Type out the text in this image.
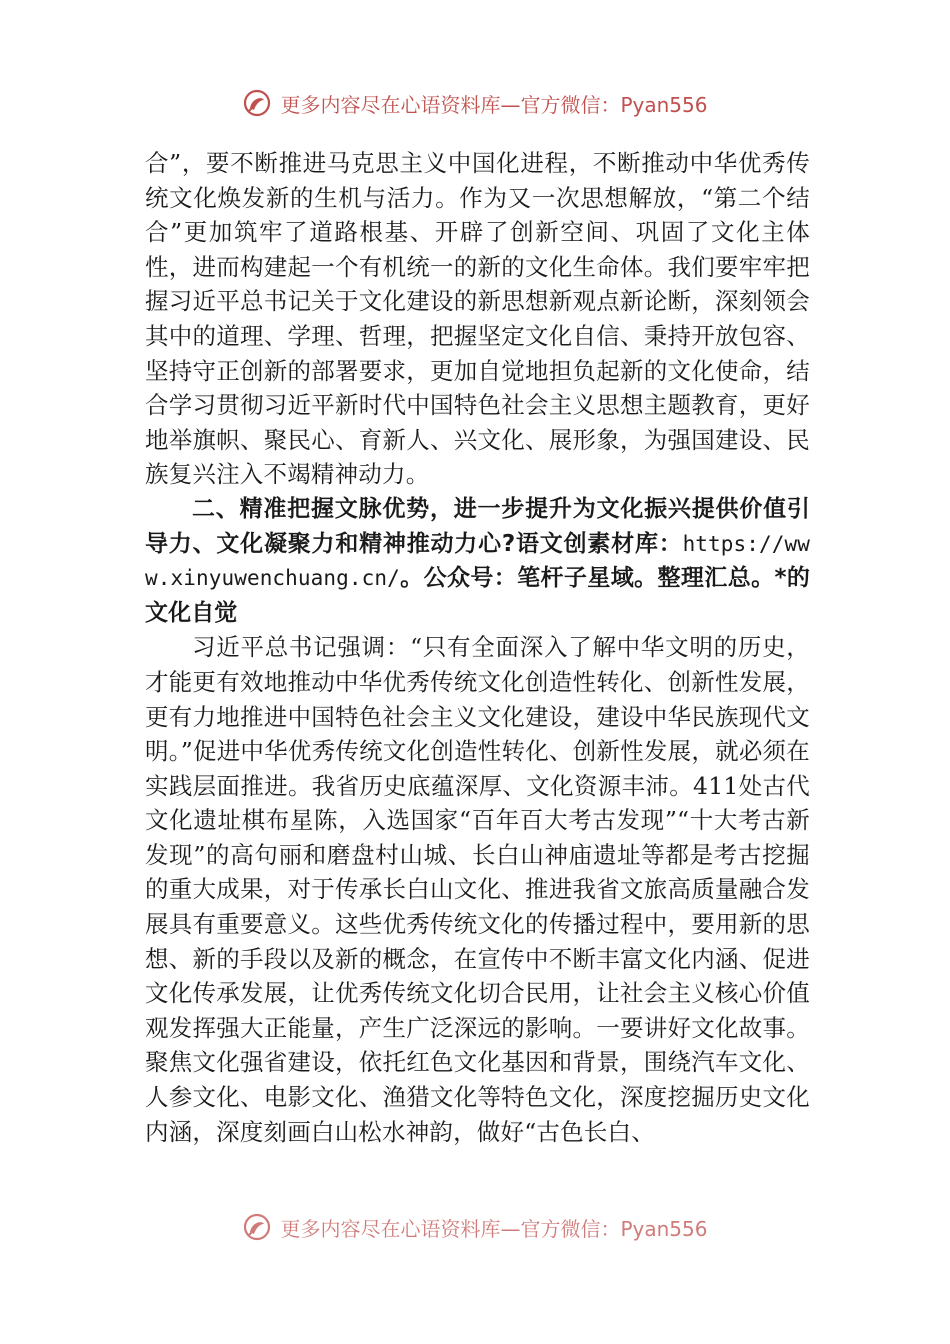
更多内容尽在心语资料库—官方微信：Pyan556

合”，要不断推进马克思主义中国化进程，不断推动中华优秀传统文化焕发新的生机与活力。作为又一次思想解放，“第二个结合”更加筑牢了道路根基、开辟了创新空间、巩固了文化主体性，进而构建起一个有机统一的新的文化生命体。我们要牢牢把握习近平总书记关于文化建设的新思想新观点新论断，深刻领会其中的道理、学理、哲理，把握坚定文化自信、秉持开放包容、坚持守正创新的部署要求，更加自觉地担负起新的文化使命，结合学习贯彻习近平新时代中国特色社会主义思想主题教育，更好地举旗帜、聚民心、育新人、兴文化、展形象，为强国建设、民族复兴注入不竭精神动力。

二、精准把握文脉优势，进一步提升为文化振兴提供价值引导力、文化凝聚力和精神推动力心?语文创素材库：https://www.xinyuwenchuang.cn/。公众号：笔杆子星域。整理汇总。*的文化自觉

习近平总书记强调：“只有全面深入了解中华文明的历史，才能更有效地推动中华优秀传统文化创造性转化、创新性发展，更有力地推进中国特色社会主义文化建设，建设中华民族现代文明。”促进中华优秀传统文化创造性转化、创新性发展，就必须在实践层面推进。我省历史底蕴深厚、文化资源丰沛。411处古代文化遗址棋布星陈，入选国家“百年百大考古发现”“十大考古新发现”的高句丽和磨盘村山城、长白山神庙遗址等都是考古挖掘的重大成果，对于传承长白山文化、推进我省文旅高质量融合发展具有重要意义。这些优秀传统文化的传播过程中，要用新的思想、新的手段以及新的概念，在宣传中不断丰富文化内涵、促进文化传承发展，让优秀传统文化切合民用，让社会主义核心价值观发挥强大正能量，产生广泛深远的影响。一要讲好文化故事。聚焦文化强省建设，依托红色文化基因和背景，围绕汽车文化、人参文化、电影文化、渔猎文化等特色文化，深度挖掘历史文化内涵，深度刻画白山松水神韵，做好“古色长白、

更多内容尽在心语资料库—官方微信：Pyan556
